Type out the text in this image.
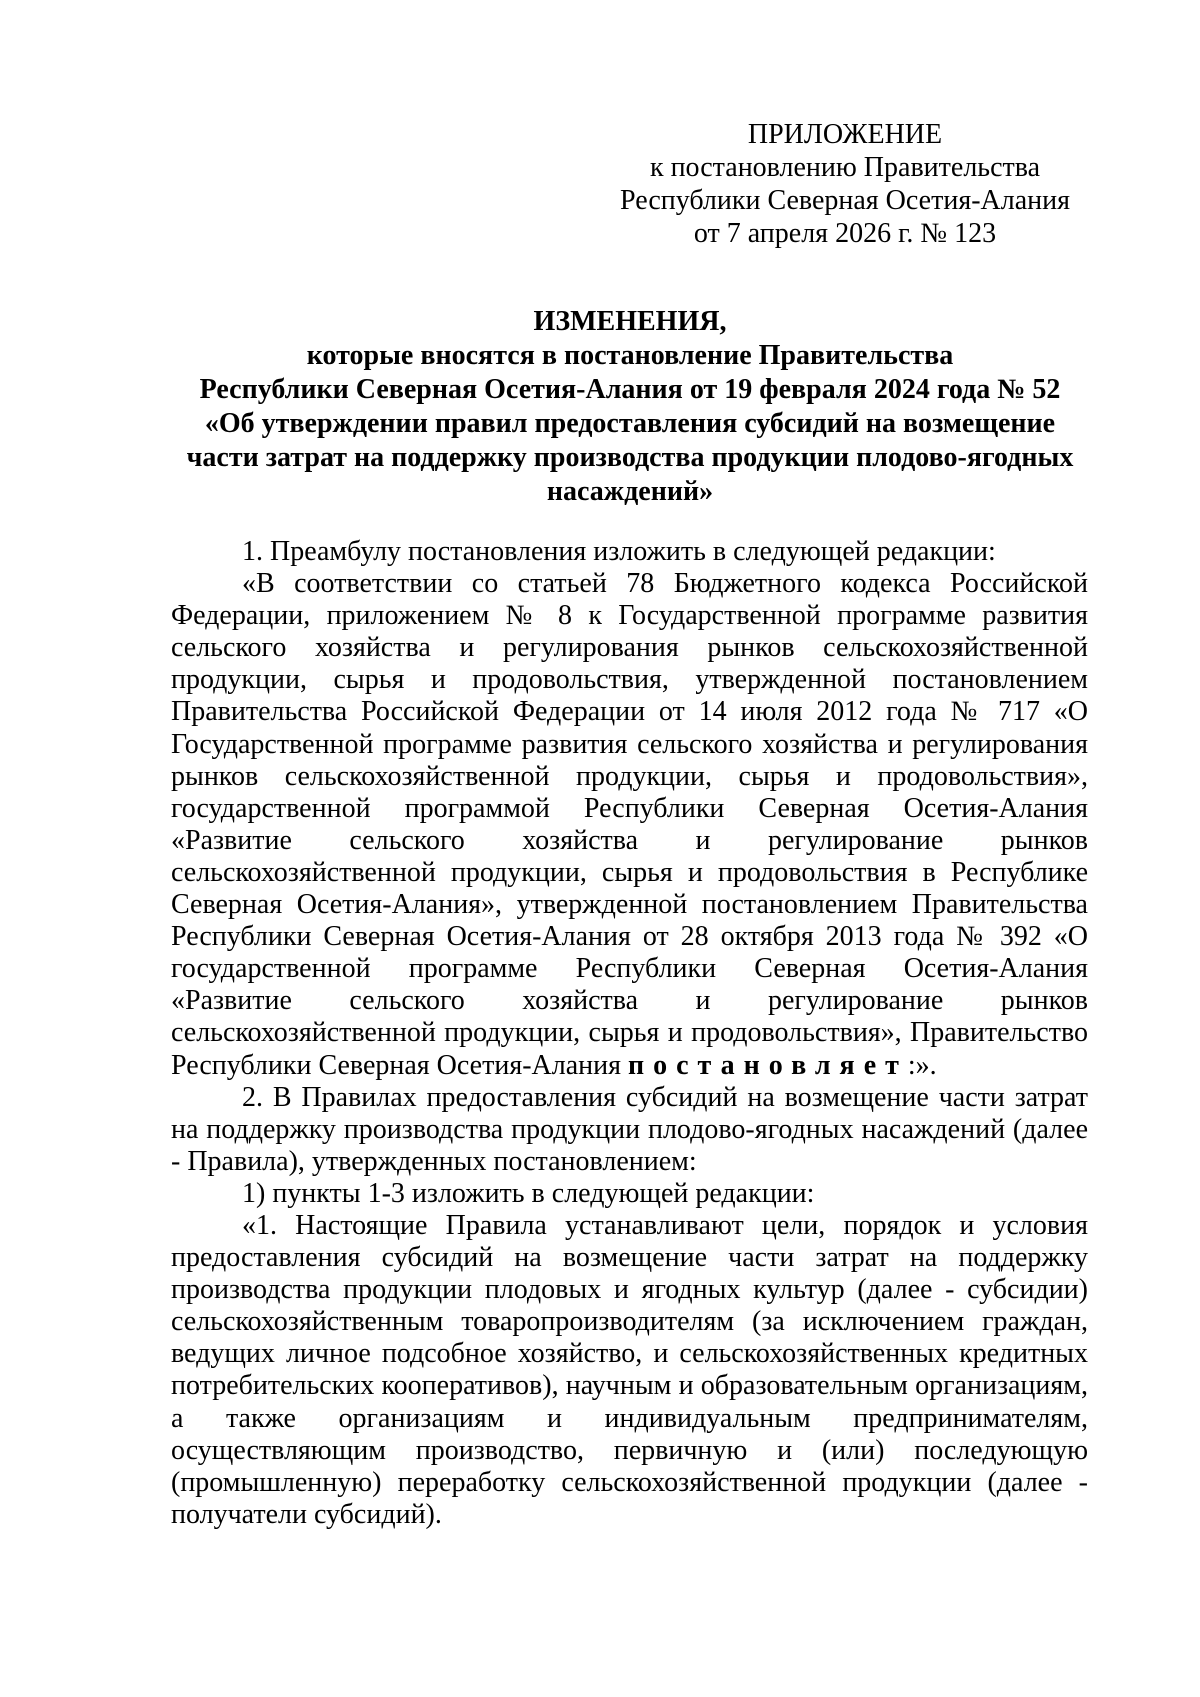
ПРИЛОЖЕНИЕ
к постановлению Правительства
Республики Северная Осетия-Алания
от 7 апреля 2026 г. № 123
ИЗМЕНЕНИЯ,
которые вносятся в постановление Правительства
Республики Северная Осетия-Алания от 19 февраля 2024 года № 52
«Об утверждении правил предоставления субсидий на возмещение
части затрат на поддержку производства продукции плодово-ягодных
насаждений»

1. Преамбулу постановления изложить в следующей редакции:

«В соответствии со статьей 78 Бюджетного кодекса Российской Федерации, приложением № 8 к Государственной программе развития сельского хозяйства и регулирования рынков сельскохозяйственной продукции, сырья и продовольствия, утвержденной постановлением Правительства Российской Федерации от 14 июля 2012 года № 717 «О Государственной программе развития сельского хозяйства и регулирования рынков сельскохозяйственной продукции, сырья и продовольствия», государственной программой Республики Северная Осетия-Алания «Развитие сельского хозяйства и регулирование рынков сельскохозяйственной продукции, сырья и продовольствия в Республике Северная Осетия-Алания», утвержденной постановлением Правительства Республики Северная Осетия-Алания от 28 октября 2013 года № 392 «О государственной программе Республики Северная Осетия-Алания «Развитие сельского хозяйства и регулирование рынков сельскохозяйственной продукции, сырья и продовольствия», Правительство Республики Северная Осетия-Алания постановляет:».

2. В Правилах предоставления субсидий на возмещение части затрат на поддержку производства продукции плодово-ягодных насаждений (далее - Правила), утвержденных постановлением:

1) пункты 1-3 изложить в следующей редакции:

«1. Настоящие Правила устанавливают цели, порядок и условия предоставления субсидий на возмещение части затрат на поддержку производства продукции плодовых и ягодных культур (далее - субсидии) сельскохозяйственным товаропроизводителям (за исключением граждан, ведущих личное подсобное хозяйство, и сельскохозяйственных кредитных потребительских кооперативов), научным и образовательным организациям, а также организациям и индивидуальным предпринимателям, осуществляющим производство, первичную и (или) последующую (промышленную) переработку сельскохозяйственной продукции (далее - получатели субсидий).
